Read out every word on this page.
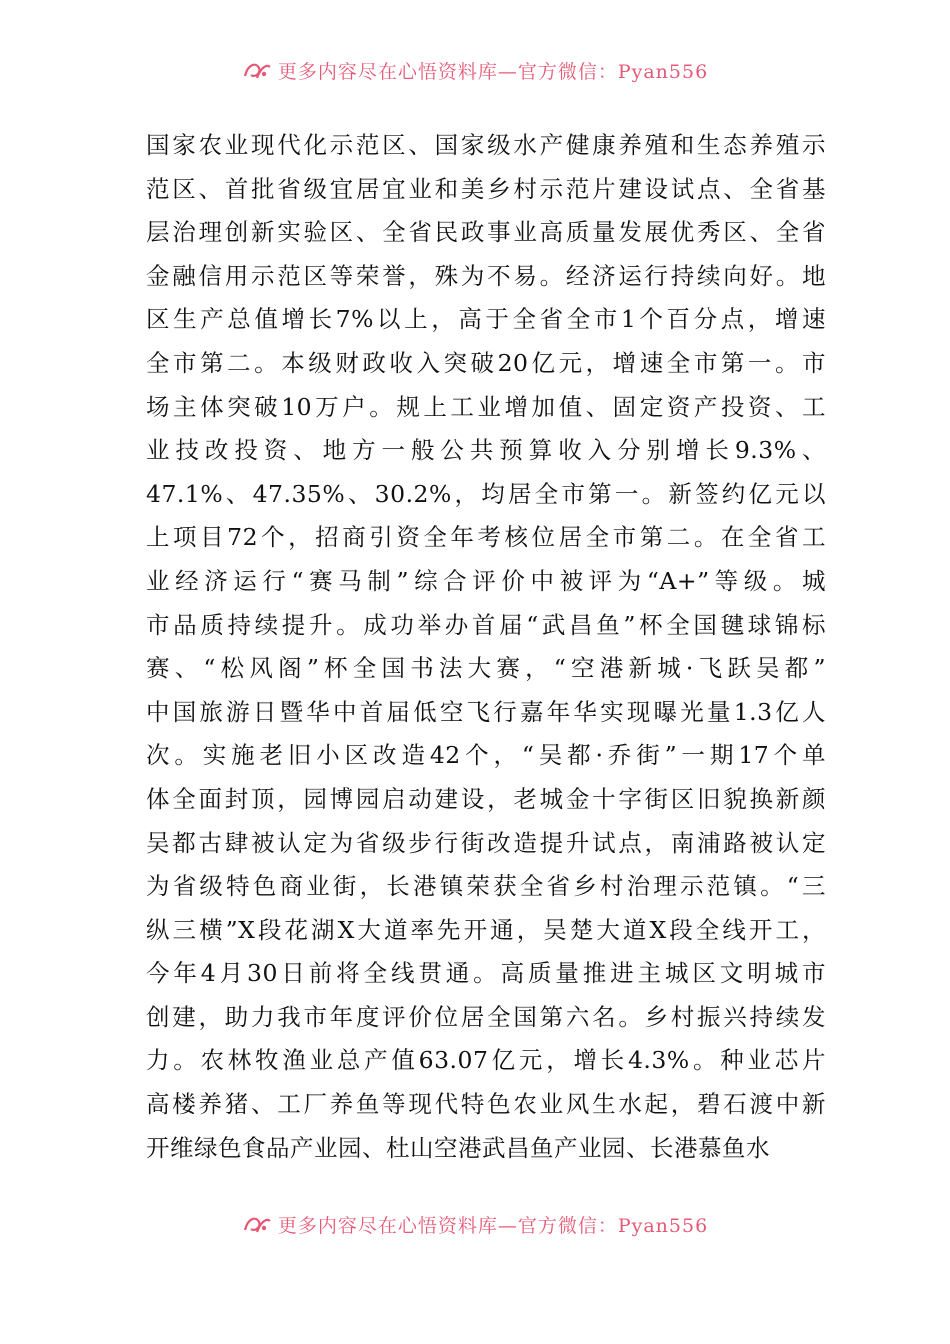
更多内容尽在心悟资料库—官方微信：Pyan556
国家农业现代化示范区、国家级水产健康养殖和生态养殖示
范区、首批省级宜居宜业和美乡村示范片建设试点、全省基
层治理创新实验区、全省民政事业高质量发展优秀区、全省
金融信用示范区等荣誉，殊为不易。经济运行持续向好。地
区生产总值增长7%以上，高于全省全市1个百分点，增速
全市第二。本级财政收入突破20亿元，增速全市第一。市
场主体突破10万户。规上工业增加值、固定资产投资、工
业技改投资、地方一般公共预算收入分别增长9.3%、
47.1%、47.35%、30.2%，均居全市第一。新签约亿元以
上项目72个，招商引资全年考核位居全市第二。在全省工
业经济运行“赛马制”综合评价中被评为“A+”等级。城
市品质持续提升。成功举办首届“武昌鱼”杯全国毽球锦标
赛、“松风阁”杯全国书法大赛，“空港新城·飞跃吴都”
中国旅游日暨华中首届低空飞行嘉年华实现曝光量1.3亿人
次。实施老旧小区改造42个，“吴都·乔街”一期17个单
体全面封顶，园博园启动建设，老城金十字街区旧貌换新颜
吴都古肆被认定为省级步行街改造提升试点，南浦路被认定
为省级特色商业街，长港镇荣获全省乡村治理示范镇。“三
纵三横”X段花湖X大道率先开通，吴楚大道X段全线开工，
今年4月30日前将全线贯通。高质量推进主城区文明城市
创建，助力我市年度评价位居全国第六名。乡村振兴持续发
力。农林牧渔业总产值63.07亿元，增长4.3%。种业芯片
高楼养猪、工厂养鱼等现代特色农业风生水起，碧石渡中新
开维绿色食品产业园、杜山空港武昌鱼产业园、长港慕鱼水
更多内容尽在心悟资料库—官方微信：Pyan556
